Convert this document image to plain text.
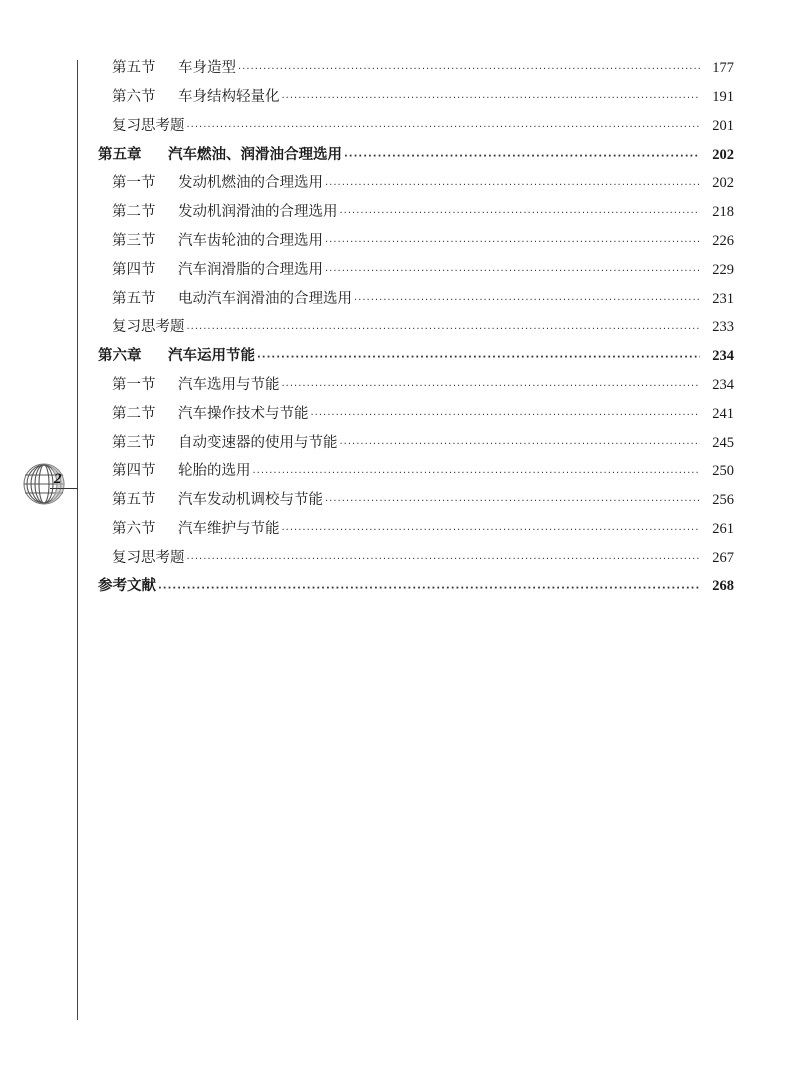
2
第五节	车身造型 ·····	177
第六节	车身结构轻量化 ·····	191
复习思考题 ·····	201
第五章	汽车燃油、润滑油合理选用 ·····	202
第一节	发动机燃油的合理选用 ·····	202
第二节	发动机润滑油的合理选用 ·····	218
第三节	汽车齿轮油的合理选用 ·····	226
第四节	汽车润滑脂的合理选用 ·····	229
第五节	电动汽车润滑油的合理选用 ·····	231
复习思考题 ·····	233
第六章	汽车运用节能 ·····	234
第一节	汽车选用与节能 ·····	234
第二节	汽车操作技术与节能 ·····	241
第三节	自动变速器的使用与节能 ·····	245
第四节	轮胎的选用 ·····	250
第五节	汽车发动机调校与节能 ·····	256
第六节	汽车维护与节能 ·····	261
复习思考题 ·····	267
参考文献 ·····	268
